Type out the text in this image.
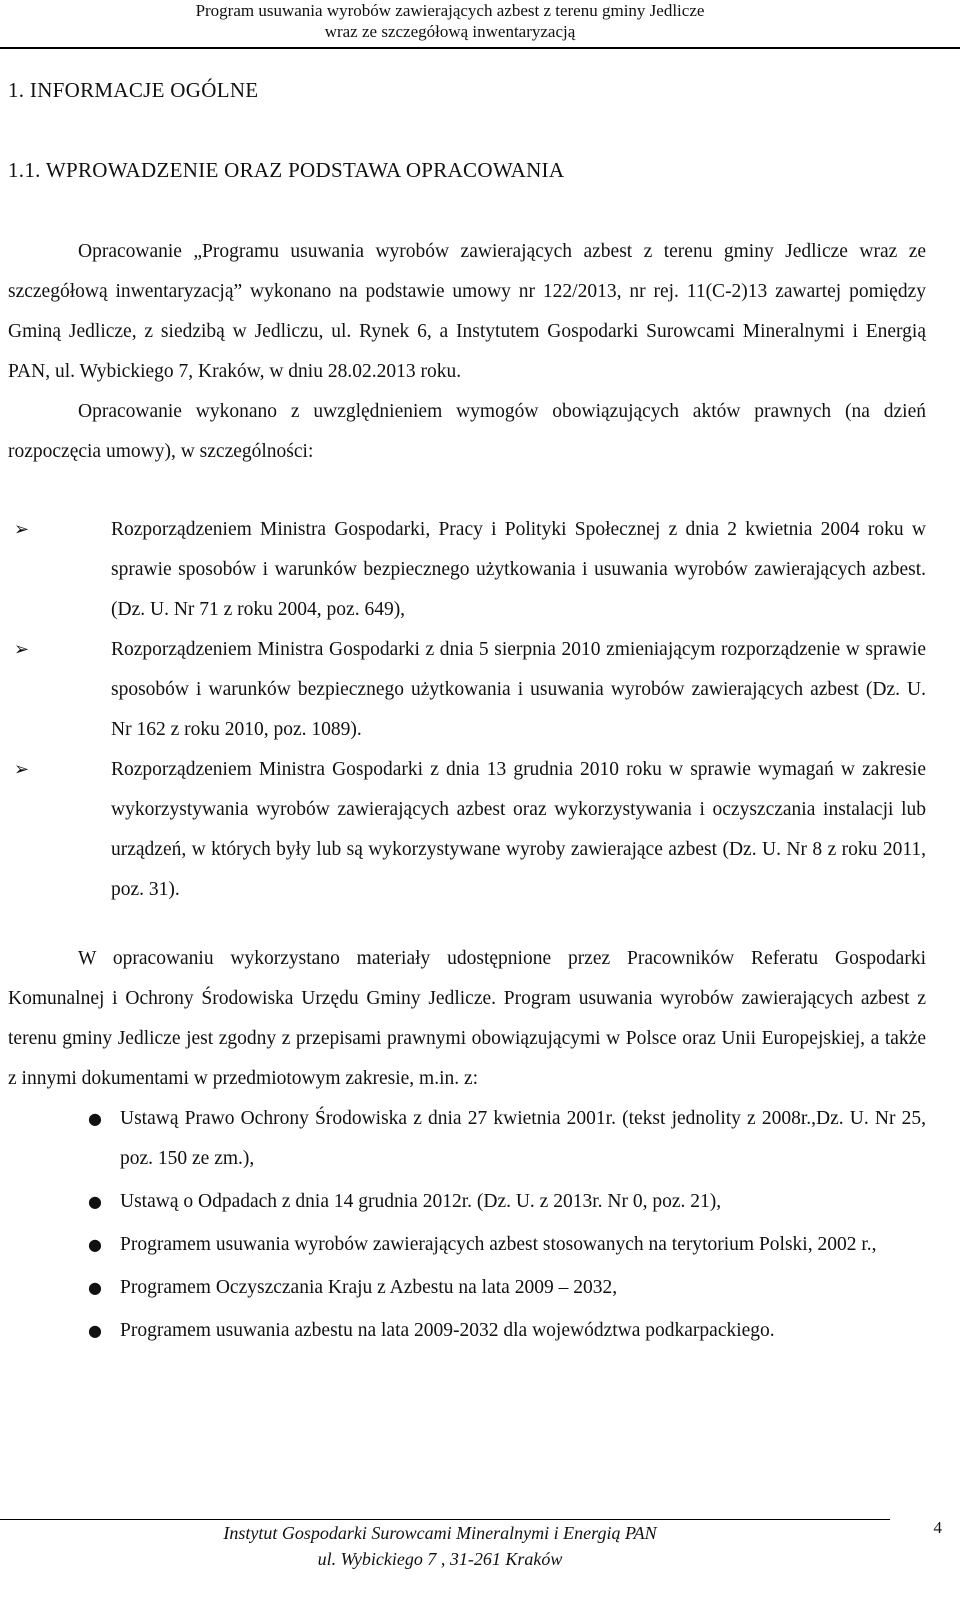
Program usuwania wyrobów zawierających azbest z terenu gminy Jedlicze
wraz ze szczegółową inwentaryzacją
1. INFORMACJE OGÓLNE
1.1. WPROWADZENIE ORAZ PODSTAWA OPRACOWANIA

Opracowanie „Programu usuwania wyrobów zawierających azbest z terenu gminy Jedlicze wraz ze szczegółową inwentaryzacją” wykonano na podstawie umowy nr 122/2013, nr rej. 11(C-2)13 zawartej pomiędzy Gminą Jedlicze, z siedzibą w Jedliczu, ul. Rynek 6, a Instytutem Gospodarki Surowcami Mineralnymi i Energią PAN, ul. Wybickiego 7, Kraków, w dniu 28.02.2013 roku.

Opracowanie wykonano z uwzględnieniem wymogów obowiązujących aktów prawnych (na dzień rozpoczęcia umowy), w szczególności:

➢	Rozporządzeniem Ministra Gospodarki, Pracy i Polityki Społecznej z dnia 2 kwietnia 2004 roku w sprawie sposobów i warunków bezpiecznego użytkowania i usuwania wyrobów zawierających azbest. (Dz. U. Nr 71 z roku 2004, poz. 649),
➢	Rozporządzeniem Ministra Gospodarki z dnia 5 sierpnia 2010 zmieniającym rozporządzenie w sprawie sposobów i warunków bezpiecznego użytkowania i usuwania wyrobów zawierających azbest (Dz. U. Nr 162 z roku 2010, poz. 1089).
➢	Rozporządzeniem Ministra Gospodarki z dnia 13 grudnia 2010 roku w sprawie wymagań w zakresie wykorzystywania wyrobów zawierających azbest oraz wykorzystywania i oczyszczania instalacji lub urządzeń, w których były lub są wykorzystywane wyroby zawierające azbest (Dz. U. Nr 8 z roku 2011, poz. 31).

W opracowaniu wykorzystano materiały udostępnione przez Pracowników Referatu Gospodarki Komunalnej i Ochrony Środowiska Urzędu Gminy Jedlicze. Program usuwania wyrobów zawierających azbest z terenu gminy Jedlicze jest zgodny z przepisami prawnymi obowiązującymi w Polsce oraz Unii Europejskiej, a także z innymi dokumentami w przedmiotowym zakresie, m.in. z:

● Ustawą Prawo Ochrony Środowiska z dnia 27 kwietnia 2001r. (tekst jednolity z 2008r.,Dz. U. Nr 25, poz. 150 ze zm.),
● Ustawą o Odpadach z dnia 14 grudnia 2012r. (Dz. U. z 2013r. Nr 0, poz. 21),
● Programem usuwania wyrobów zawierających azbest stosowanych na terytorium Polski, 2002 r.,
● Programem Oczyszczania Kraju z Azbestu na lata 2009 – 2032,
● Programem usuwania azbestu na lata 2009-2032 dla województwa podkarpackiego.
Instytut Gospodarki Surowcami Mineralnymi i Energią PAN
ul. Wybickiego 7 , 31-261 Kraków
4
